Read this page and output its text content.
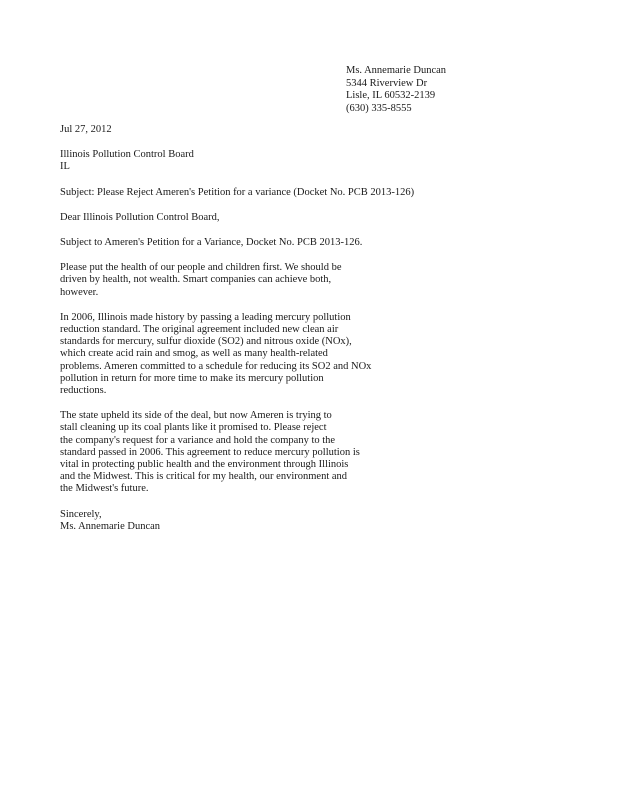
Ms. Annemarie Duncan
5344 Riverview Dr
Lisle, IL 60532-2139
(630) 335-8555
Jul 27, 2012
Illinois Pollution Control Board
IL
Subject: Please Reject Ameren's Petition for a variance (Docket No. PCB 2013-126)
Dear Illinois Pollution Control Board,
Subject to Ameren's Petition for a Variance, Docket No. PCB 2013-126.
Please put the health of our people and children first. We should be
driven by health, not wealth. Smart companies can achieve both,
however.
In 2006, Illinois made history by passing a leading mercury pollution
reduction standard. The original agreement included new clean air
standards for mercury, sulfur dioxide (SO2) and nitrous oxide (NOx),
which create acid rain and smog, as well as many health-related
problems. Ameren committed to a schedule for reducing its SO2 and NOx
pollution in return for more time to make its mercury pollution
reductions.
The state upheld its side of the deal, but now Ameren is trying to
stall cleaning up its coal plants like it promised to. Please reject
the company's request for a variance and hold the company to the
standard passed in 2006. This agreement to reduce mercury pollution is
vital in protecting public health and the environment through Illinois
and the Midwest. This is critical for my health, our environment and
the Midwest's future.
Sincerely,
Ms. Annemarie Duncan
